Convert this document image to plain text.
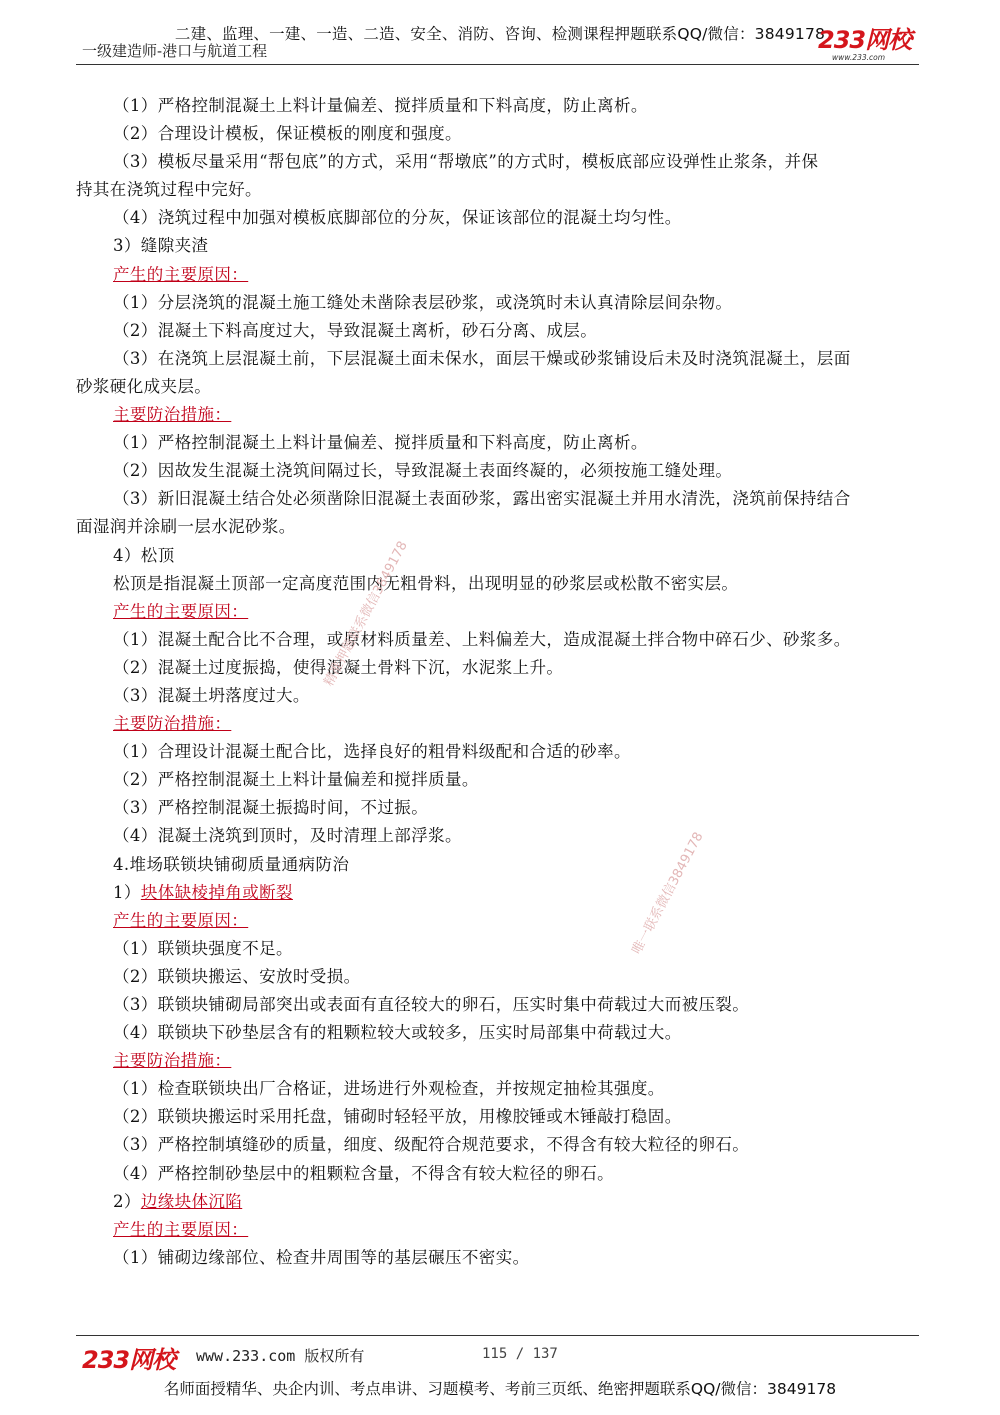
二建、监理、一建、一造、二造、安全、消防、咨询、检测课程押题联系QQ/微信：3849178
一级建造师-港口与航道工程	233网校
www.233.com
（1）严格控制混凝土上料计量偏差、搅拌质量和下料高度，防止离析。
（2）合理设计模板，保证模板的刚度和强度。
（3）模板尽量采用“帮包底”的方式，采用“帮墩底”的方式时，模板底部应设弹性止浆条，并保
持其在浇筑过程中完好。
（4）浇筑过程中加强对模板底脚部位的分灰，保证该部位的混凝土均匀性。
3）缝隙夹渣
产生的主要原因：
（1）分层浇筑的混凝土施工缝处未凿除表层砂浆，或浇筑时未认真清除层间杂物。
（2）混凝土下料高度过大，导致混凝土离析，砂石分离、成层。
（3）在浇筑上层混凝土前，下层混凝土面未保水，面层干燥或砂浆铺设后未及时浇筑混凝土，层面
砂浆硬化成夹层。
主要防治措施：
（1）严格控制混凝土上料计量偏差、搅拌质量和下料高度，防止离析。
（2）因故发生混凝土浇筑间隔过长，导致混凝土表面终凝的，必须按施工缝处理。
（3）新旧混凝土结合处必须凿除旧混凝土表面砂浆，露出密实混凝土并用水清洗，浇筑前保持结合
面湿润并涂刷一层水泥砂浆。
4）松顶
松顶是指混凝土顶部一定高度范围内无粗骨料，出现明显的砂浆层或松散不密实层。
产生的主要原因：
（1）混凝土配合比不合理，或原材料质量差、上料偏差大，造成混凝土拌合物中碎石少、砂浆多。
（2）混凝土过度振捣，使得混凝土骨料下沉，水泥浆上升。
（3）混凝土坍落度过大。
主要防治措施：
（1）合理设计混凝土配合比，选择良好的粗骨料级配和合适的砂率。
（2）严格控制混凝土上料计量偏差和搅拌质量。
（3）严格控制混凝土振捣时间，不过振。
（4）混凝土浇筑到顶时，及时清理上部浮浆。
4.堆场联锁块铺砌质量通病防治
1）块体缺棱掉角或断裂
产生的主要原因：
（1）联锁块强度不足。
（2）联锁块搬运、安放时受损。
（3）联锁块铺砌局部突出或表面有直径较大的卵石，压实时集中荷载过大而被压裂。
（4）联锁块下砂垫层含有的粗颗粒较大或较多，压实时局部集中荷载过大。
主要防治措施：
（1）检查联锁块出厂合格证，进场进行外观检查，并按规定抽检其强度。
（2）联锁块搬运时采用托盘，铺砌时轻轻平放，用橡胶锤或木锤敲打稳固。
（3）严格控制填缝砂的质量，细度、级配符合规范要求，不得含有较大粒径的卵石。
（4）严格控制砂垫层中的粗颗粒含量，不得含有较大粒径的卵石。
2）边缘块体沉陷
产生的主要原因：
（1）铺砌边缘部位、检查井周围等的基层碾压不密实。
精准押题联系微信3849178
唯一联系微信3849178
233网校 www.233.com 版权所有	115 / 137
名师面授精华、央企内训、考点串讲、习题模考、考前三页纸、绝密押题联系QQ/微信：3849178
